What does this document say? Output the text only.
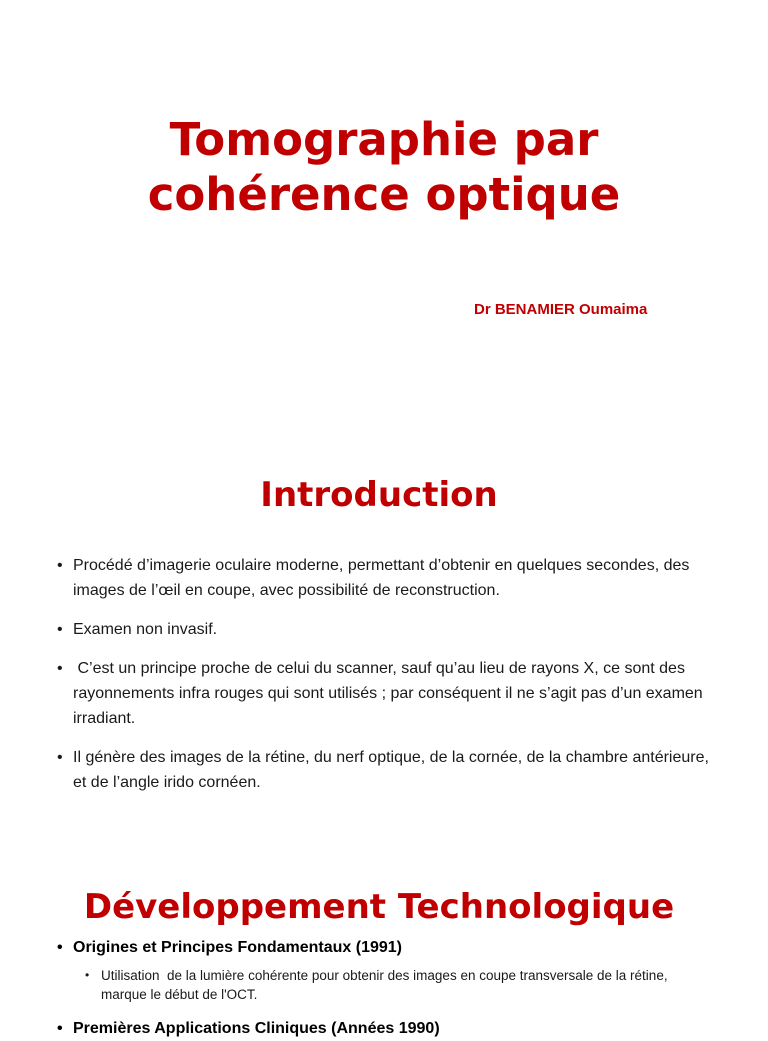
Tomographie par
cohérence optique
Dr BENAMIER Oumaima
Introduction
• Procédé d’imagerie oculaire moderne, permettant d’obtenir en quelques secondes, des images de l’œil en coupe, avec possibilité de reconstruction.
• Examen non invasif.
• C’est un principe proche de celui du scanner, sauf qu’au lieu de rayons X, ce sont des rayonnements infra rouges qui sont utilisés ; par conséquent il ne s’agit pas d’un examen irradiant.
• Il génère des images de la rétine, du nerf optique, de la cornée, de la chambre antérieure, et de l’angle irido cornéen.
Développement Technologique
• Origines et Principes Fondamentaux (1991)
• Utilisation  de la lumière cohérente pour obtenir des images en coupe transversale de la rétine, marque le début de l'OCT.
• Premières Applications Cliniques (Années 1990)
